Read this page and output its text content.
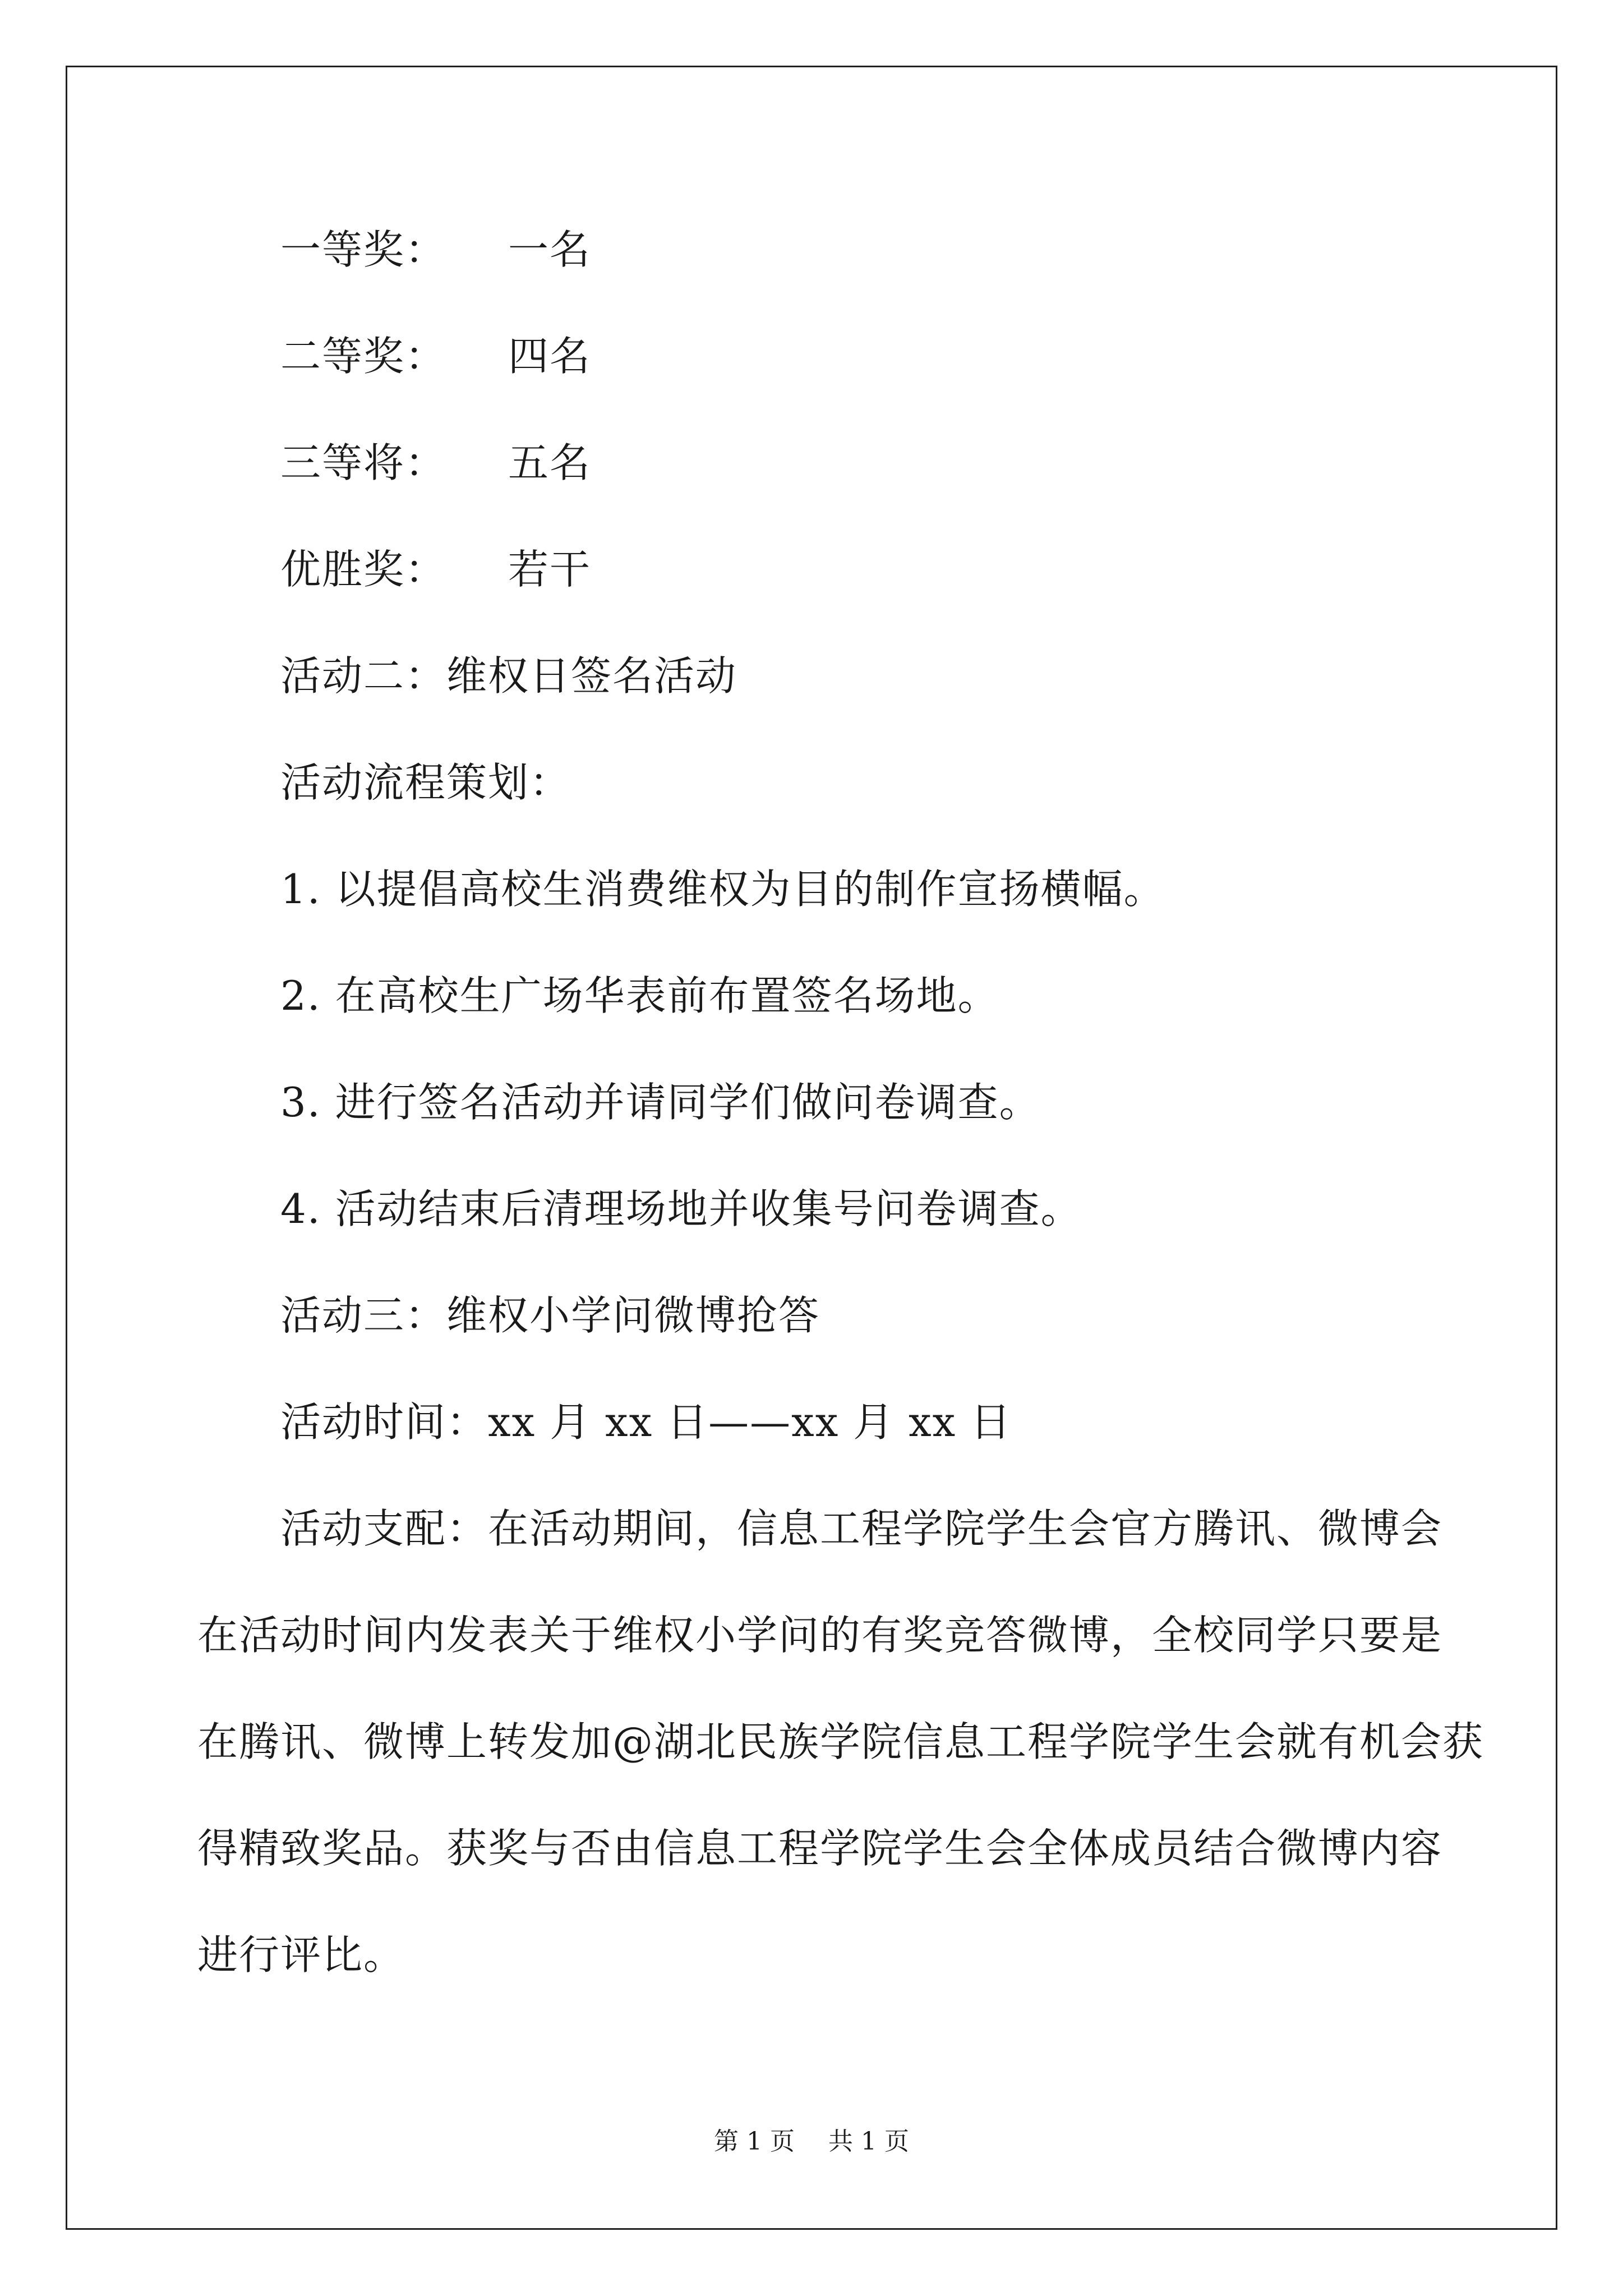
一等奖： 一名
二等奖： 四名
三等将： 五名
优胜奖： 若干
活动二：维权日签名活动
活动流程策划：
1. 以提倡高校生消费维权为目的制作宣扬横幅。
2. 在高校生广场华表前布置签名场地。
3. 进行签名活动并请同学们做问卷调查。
4. 活动结束后清理场地并收集号问卷调查。
活动三：维权小学问微博抢答
活动时间：xx 月 xx 日——xx 月 xx 日
活动支配：在活动期间，信息工程学院学生会官方腾讯、微博会
在活动时间内发表关于维权小学问的有奖竞答微博，全校同学只要是
在腾讯、微博上转发加@湖北民族学院信息工程学院学生会就有机会获
得精致奖品。获奖与否由信息工程学院学生会全体成员结合微博内容
进行评比。
第 1 页 共 1 页
